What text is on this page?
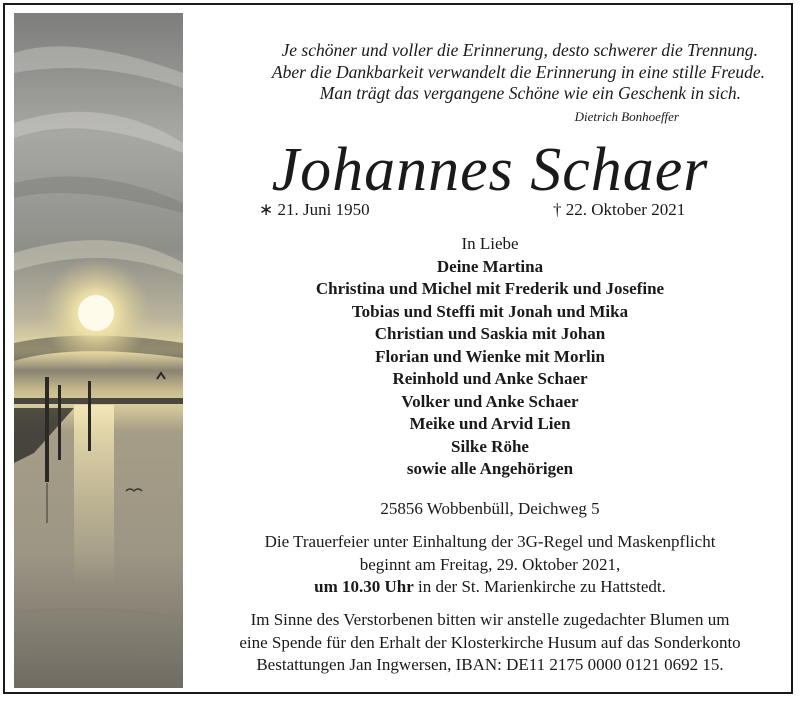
Je schöner und voller die Erinnerung, desto schwerer die Trennung.
Aber die Dankbarkeit verwandelt die Erinnerung in eine stille Freude.
Man trägt das vergangene Schöne wie ein Geschenk in sich.
Dietrich Bonhoeffer
Johannes Schaer
∗ 21. Juni 1950	† 22. Oktober 2021
In Liebe
Deine Martina
Christina und Michel mit Frederik und Josefine
Tobias und Steffi mit Jonah und Mika
Christian und Saskia mit Johan
Florian und Wienke mit Morlin
Reinhold und Anke Schaer
Volker und Anke Schaer
Meike und Arvid Lien
Silke Röhe
sowie alle Angehörigen
25856 Wobbenbüll, Deichweg 5
Die Trauerfeier unter Einhaltung der 3G-Regel und Maskenpflicht
beginnt am Freitag, 29. Oktober 2021,
um 10.30 Uhr in der St. Marienkirche zu Hattstedt.
Im Sinne des Verstorbenen bitten wir anstelle zugedachter Blumen um
eine Spende für den Erhalt der Klosterkirche Husum auf das Sonderkonto
Bestattungen Jan Ingwersen, IBAN: DE11 2175 0000 0121 0692 15.
